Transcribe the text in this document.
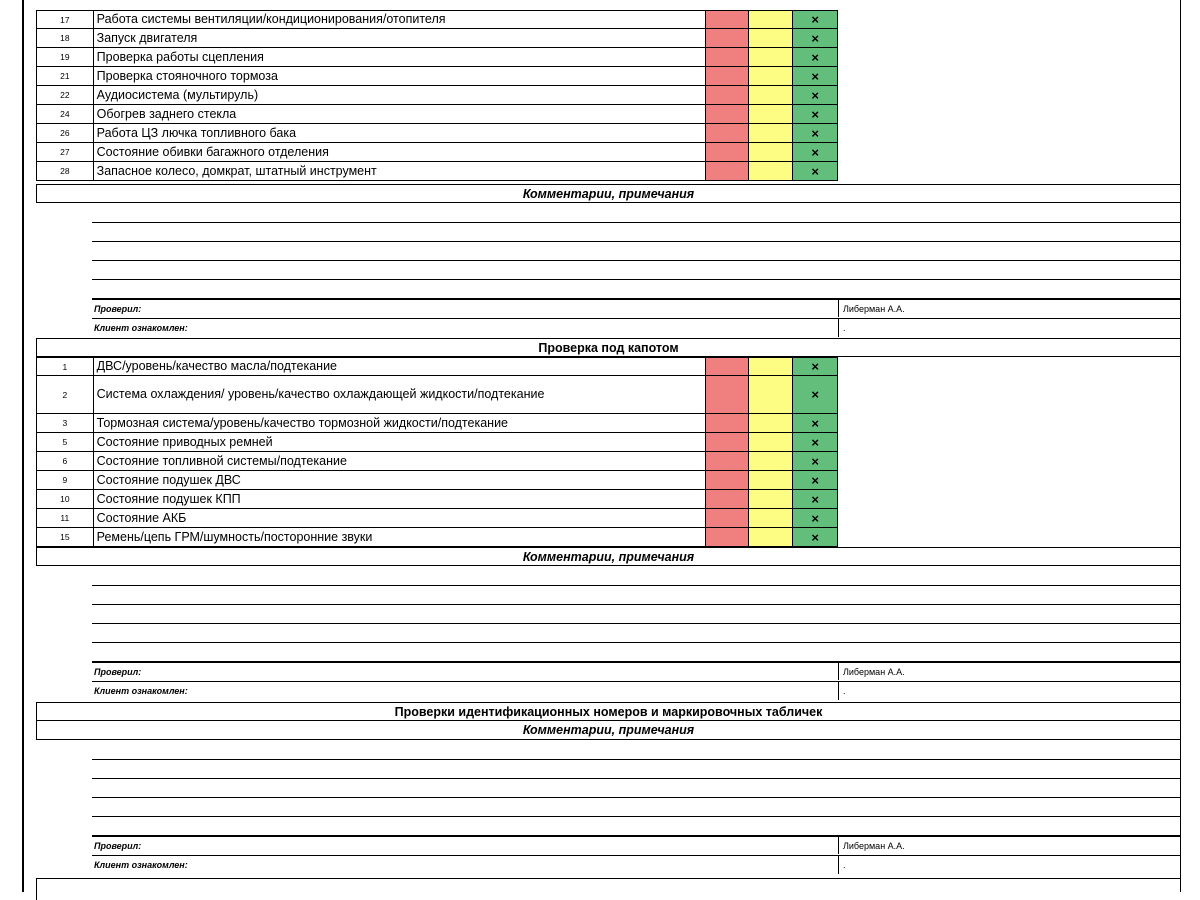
17	Работа системы вентиляции/кондиционирования/отопителя	×
18	Запуск двигателя	×
19	Проверка работы сцепления	×
21	Проверка стояночного тормоза	×
22	Аудиосистема (мультируль)	×
24	Обогрев заднего стекла	×
26	Работа ЦЗ лючка топливного бака	×
27	Состояние обивки багажного отделения	×
28	Запасное колесо, домкрат, штатный инструмент	×
Комментарии, примечания
Проверил:	Либерман А.А.
Клиент ознакомлен:	.
Проверка под капотом
1	ДВС/уровень/качество масла/подтекание	×
2	Система охлаждения/ уровень/качество охлаждающей жидкости/подтекание	×
3	Тормозная система/уровень/качество тормозной жидкости/подтекание	×
5	Состояние приводных ремней	×
6	Состояние топливной системы/подтекание	×
9	Состояние подушек ДВС	×
10	Состояние подушек КПП	×
11	Состояние АКБ	×
15	Ремень/цепь ГРМ/шумность/посторонние звуки	×
Комментарии, примечания
Проверил:	Либерман А.А.
Клиент ознакомлен:	.
Проверки идентификационных номеров и маркировочных табличек
Комментарии, примечания
Проверил:	Либерман А.А.
Клиент ознакомлен:	.
